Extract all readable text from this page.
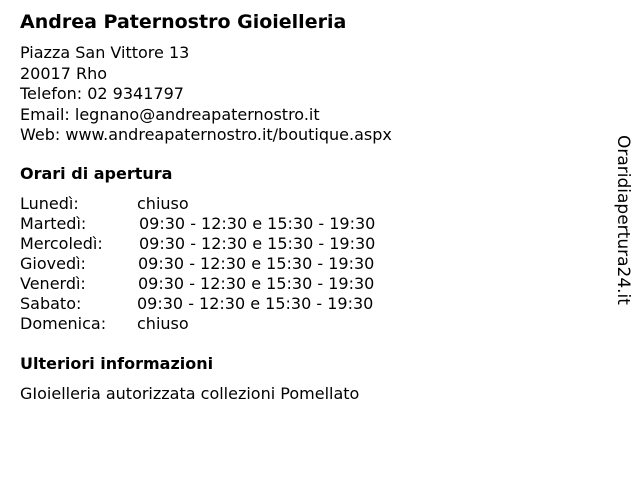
Andrea Paternostro Gioielleria
Piazza San Vittore 13
20017 Rho
Telefon: 02 9341797
Email: legnano@andreapaternostro.it
Web: www.andreapaternostro.it/boutique.aspx
Orari di apertura
Lunedì:	chiuso
Martedì:	09:30 - 12:30 e 15:30 - 19:30
Mercoledì: 09:30 - 12:30 e 15:30 - 19:30
Giovedì:	09:30 - 12:30 e 15:30 - 19:30
Venerdì:	09:30 - 12:30 e 15:30 - 19:30
Sabato:	09:30 - 12:30 e 15:30 - 19:30
Domenica: chiuso
Ulteriori informazioni
GIoielleria autorizzata collezioni Pomellato
Oraridiapertura24.it
